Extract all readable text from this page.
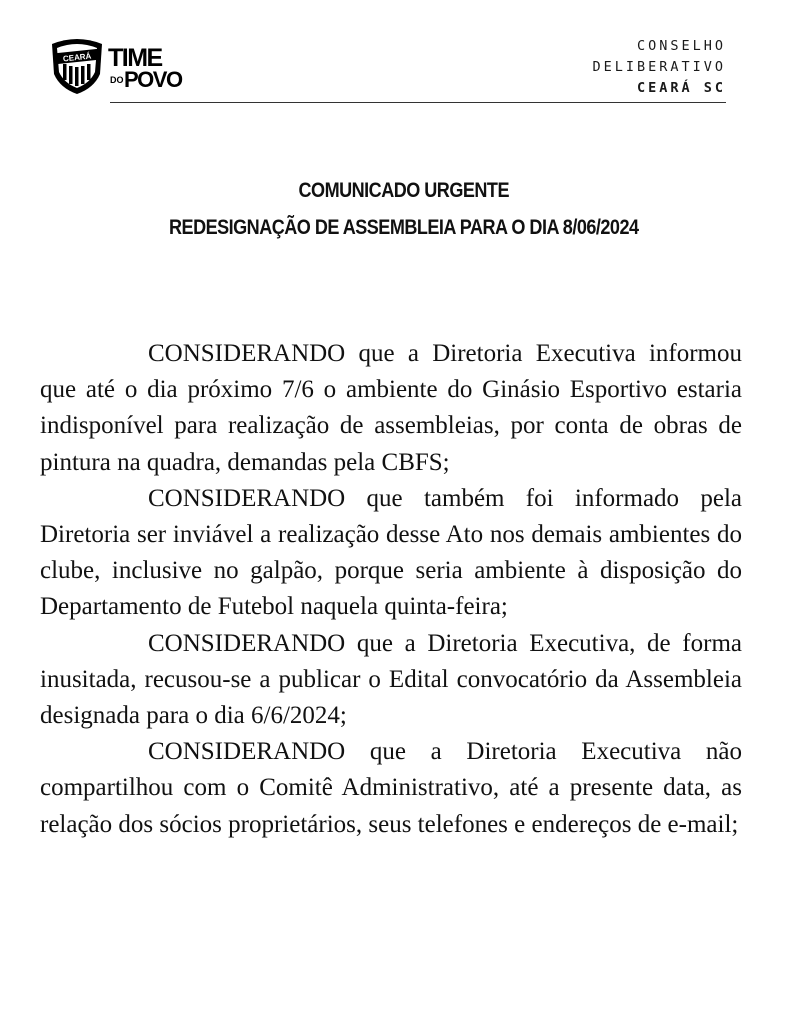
CEARÁ TIME
DO POVO
CONSELHO
DELIBERATIVO
CEARÁ SC
COMUNICADO URGENTE
REDESIGNAÇÃO DE ASSEMBLEIA PARA O DIA 8/06/2024

CONSIDERANDO que a Diretoria Executiva informou que até o dia próximo 7/6 o ambiente do Ginásio Esportivo estaria indisponível para realização de assembleias, por conta de obras de pintura na quadra, demandas pela CBFS;

CONSIDERANDO que também foi informado pela Diretoria ser inviável a realização desse Ato nos demais ambientes do clube, inclusive no galpão, porque seria ambiente à disposição do Departamento de Futebol naquela quinta-feira;

CONSIDERANDO que a Diretoria Executiva, de forma inusitada, recusou-se a publicar o Edital convocatório da Assembleia designada para o dia 6/6/2024;

CONSIDERANDO que a Diretoria Executiva não compartilhou com o Comitê Administrativo, até a presente data, as relação dos sócios proprietários, seus telefones e endereços de e-mail;
